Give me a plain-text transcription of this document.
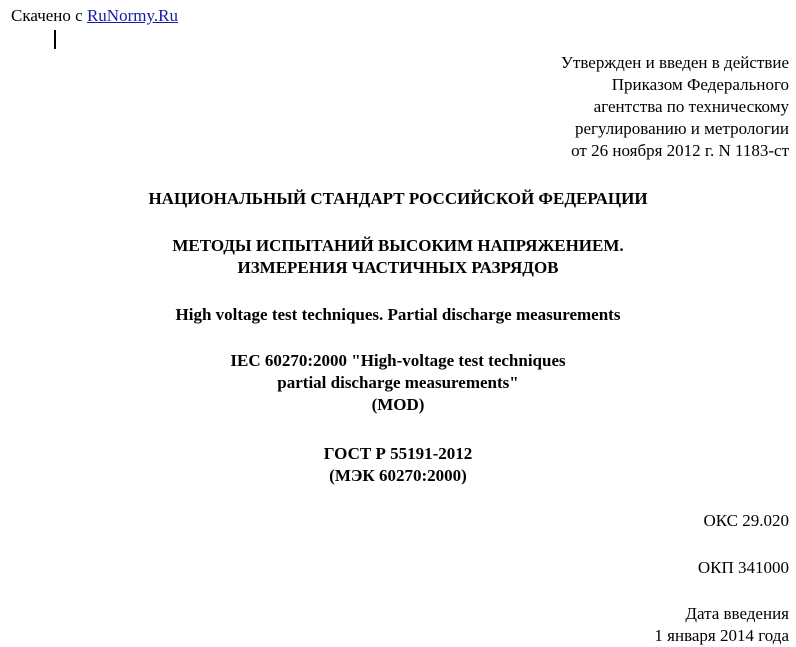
Скачено с RuNormy.Ru
Утвержден и введен в действие
Приказом Федерального
агентства по техническому
регулированию и метрологии
от 26 ноября 2012 г. N 1183-ст
НАЦИОНАЛЬНЫЙ СТАНДАРТ РОССИЙСКОЙ ФЕДЕРАЦИИ
МЕТОДЫ ИСПЫТАНИЙ ВЫСОКИМ НАПРЯЖЕНИЕМ.
ИЗМЕРЕНИЯ ЧАСТИЧНЫХ РАЗРЯДОВ
High voltage test techniques. Partial discharge measurements
IEC 60270:2000 "High-voltage test techniques
partial discharge measurements"
(MOD)
ГОСТ Р 55191-2012
(МЭК 60270:2000)
ОКС 29.020
ОКП 341000
Дата введения
1 января 2014 года
